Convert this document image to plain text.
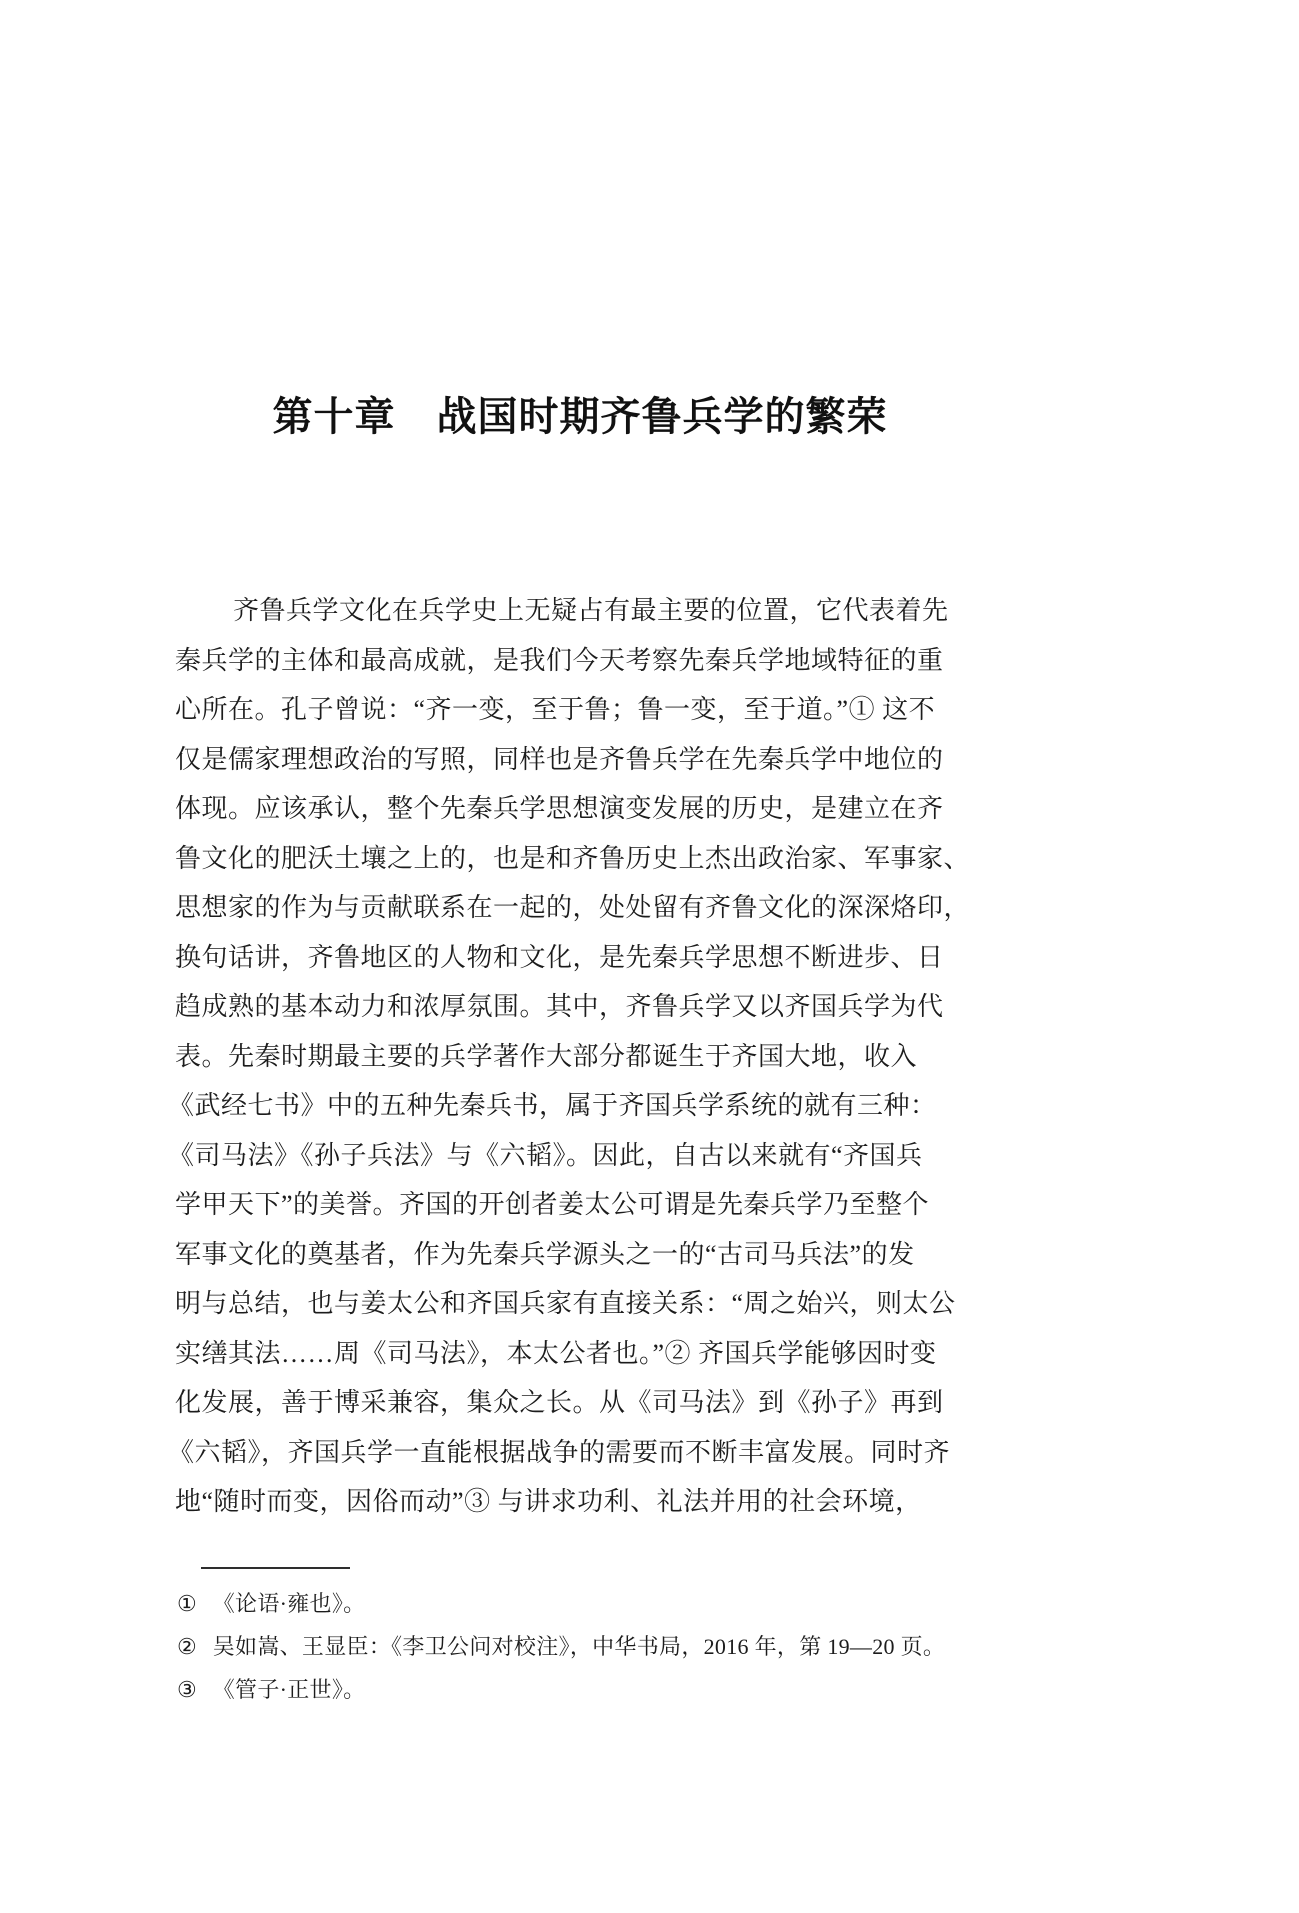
第十章　战国时期齐鲁兵学的繁荣
齐鲁兵学文化在兵学史上无疑占有最主要的位置，它代表着先
秦兵学的主体和最高成就，是我们今天考察先秦兵学地域特征的重
心所在。孔子曾说：“齐一变，至于鲁；鲁一变，至于道。”① 这不
仅是儒家理想政治的写照，同样也是齐鲁兵学在先秦兵学中地位的
体现。应该承认，整个先秦兵学思想演变发展的历史，是建立在齐
鲁文化的肥沃土壤之上的，也是和齐鲁历史上杰出政治家、军事家、
思想家的作为与贡献联系在一起的，处处留有齐鲁文化的深深烙印，
换句话讲，齐鲁地区的人物和文化，是先秦兵学思想不断进步、日
趋成熟的基本动力和浓厚氛围。其中，齐鲁兵学又以齐国兵学为代
表。先秦时期最主要的兵学著作大部分都诞生于齐国大地，收入
《武经七书》中的五种先秦兵书，属于齐国兵学系统的就有三种：
《司马法》《孙子兵法》与《六韬》。因此，自古以来就有“齐国兵
学甲天下”的美誉。齐国的开创者姜太公可谓是先秦兵学乃至整个
军事文化的奠基者，作为先秦兵学源头之一的“古司马兵法”的发
明与总结，也与姜太公和齐国兵家有直接关系：“周之始兴，则太公
实缮其法……周《司马法》，本太公者也。”② 齐国兵学能够因时变
化发展，善于博采兼容，集众之长。从《司马法》到《孙子》再到
《六韬》，齐国兵学一直能根据战争的需要而不断丰富发展。同时齐
地“随时而变，因俗而动”③ 与讲求功利、礼法并用的社会环境，
① 《论语·雍也》。
② 吴如嵩、王显臣：《李卫公问对校注》，中华书局，2016 年，第 19—20 页。
③ 《管子·正世》。
